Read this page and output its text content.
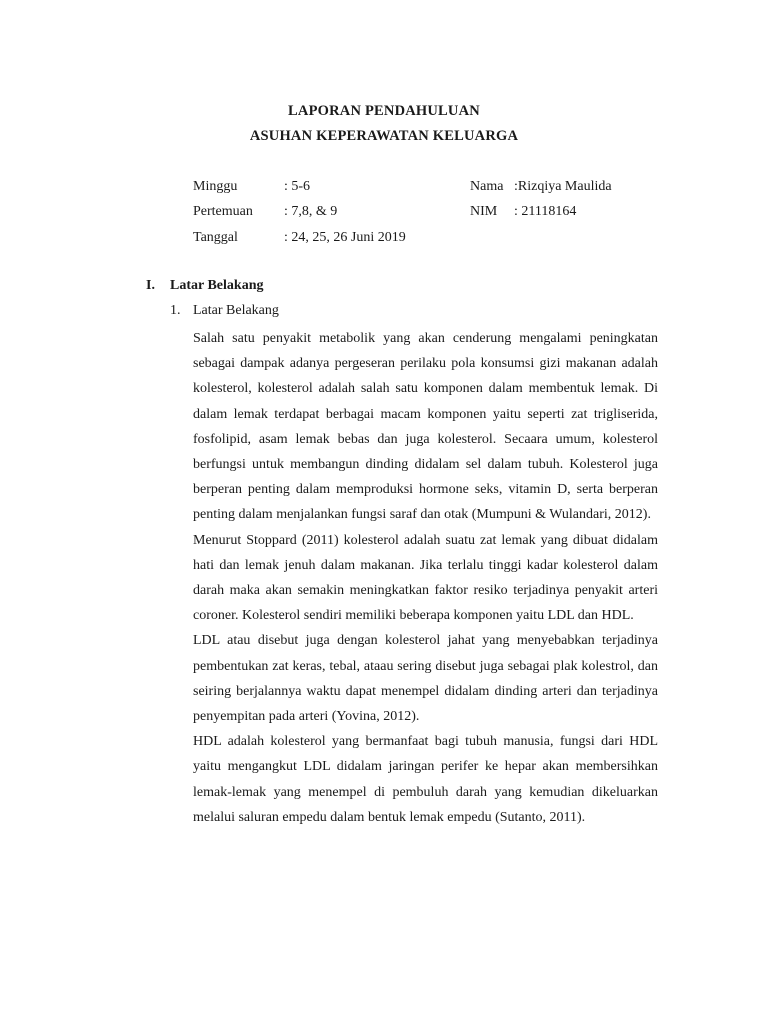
LAPORAN PENDAHULUAN
ASUHAN KEPERAWATAN KELUARGA
Minggu	: 5-6	Nama :Rizqiya Maulida
Pertemuan : 7,8, & 9	NIM : 21118164
Tanggal	: 24, 25, 26 Juni 2019
I. Latar Belakang
1. Latar Belakang

Salah satu penyakit metabolik yang akan cenderung mengalami peningkatan sebagai dampak adanya pergeseran perilaku pola konsumsi gizi makanan adalah kolesterol, kolesterol adalah salah satu komponen dalam membentuk lemak. Di dalam lemak terdapat berbagai macam komponen yaitu seperti zat trigliserida, fosfolipid, asam lemak bebas dan juga kolesterol. Secaara umum, kolesterol berfungsi untuk membangun dinding didalam sel dalam tubuh. Kolesterol juga berperan penting dalam memproduksi hormone seks, vitamin D, serta berperan penting dalam menjalankan fungsi saraf dan otak (Mumpuni & Wulandari, 2012).

Menurut Stoppard (2011) kolesterol adalah suatu zat lemak yang dibuat didalam hati dan lemak jenuh dalam makanan. Jika terlalu tinggi kadar kolesterol dalam darah maka akan semakin meningkatkan faktor resiko terjadinya penyakit arteri coroner. Kolesterol sendiri memiliki beberapa komponen yaitu LDL dan HDL.

LDL atau disebut juga dengan kolesterol jahat yang menyebabkan terjadinya pembentukan zat keras, tebal, ataau sering disebut juga sebagai plak kolestrol, dan seiring berjalannya waktu dapat menempel didalam dinding arteri dan terjadinya penyempitan pada arteri (Yovina, 2012).

HDL adalah kolesterol yang bermanfaat bagi tubuh manusia, fungsi dari HDL yaitu mengangkut LDL didalam jaringan perifer ke hepar akan membersihkan lemak-lemak yang menempel di pembuluh darah yang kemudian dikeluarkan melalui saluran empedu dalam bentuk lemak empedu (Sutanto, 2011).
